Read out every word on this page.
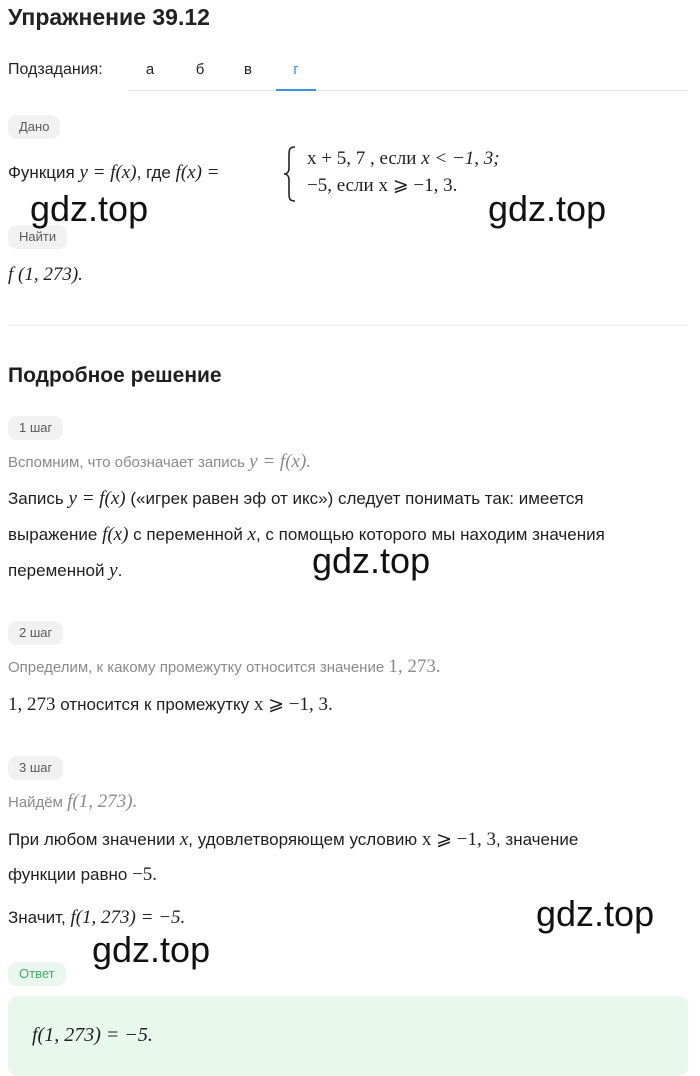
Упражнение 39.12
Подзадания:	а	б	в	г
Дано
Функция y = f(x), где f(x) =
x + 5, 7 , если x < −1, 3;
−5, если x ⩾ −1, 3.
Найти
f (1, 273).
Подробное решение
1 шаг
Вспомним, что обозначает запись y = f(x).
Запись y = f(x) («игрек равен эф от икс») следует понимать так: имеется
выражение f(x) с переменной x, с помощью которого мы находим значения
переменной y.
2 шаг
Определим, к какому промежутку относится значение 1, 273.
1, 273 относится к промежутку x ⩾ −1, 3.
3 шаг
Найдём f(1, 273).
При любом значении x, удовлетворяющем условию x ⩾ −1, 3, значение
функции равно −5.
Значит, f(1, 273) = −5.
Ответ
f(1, 273) = −5.
gdz.top	gdz.top
gdz.top
gdz.top
gdz.top
